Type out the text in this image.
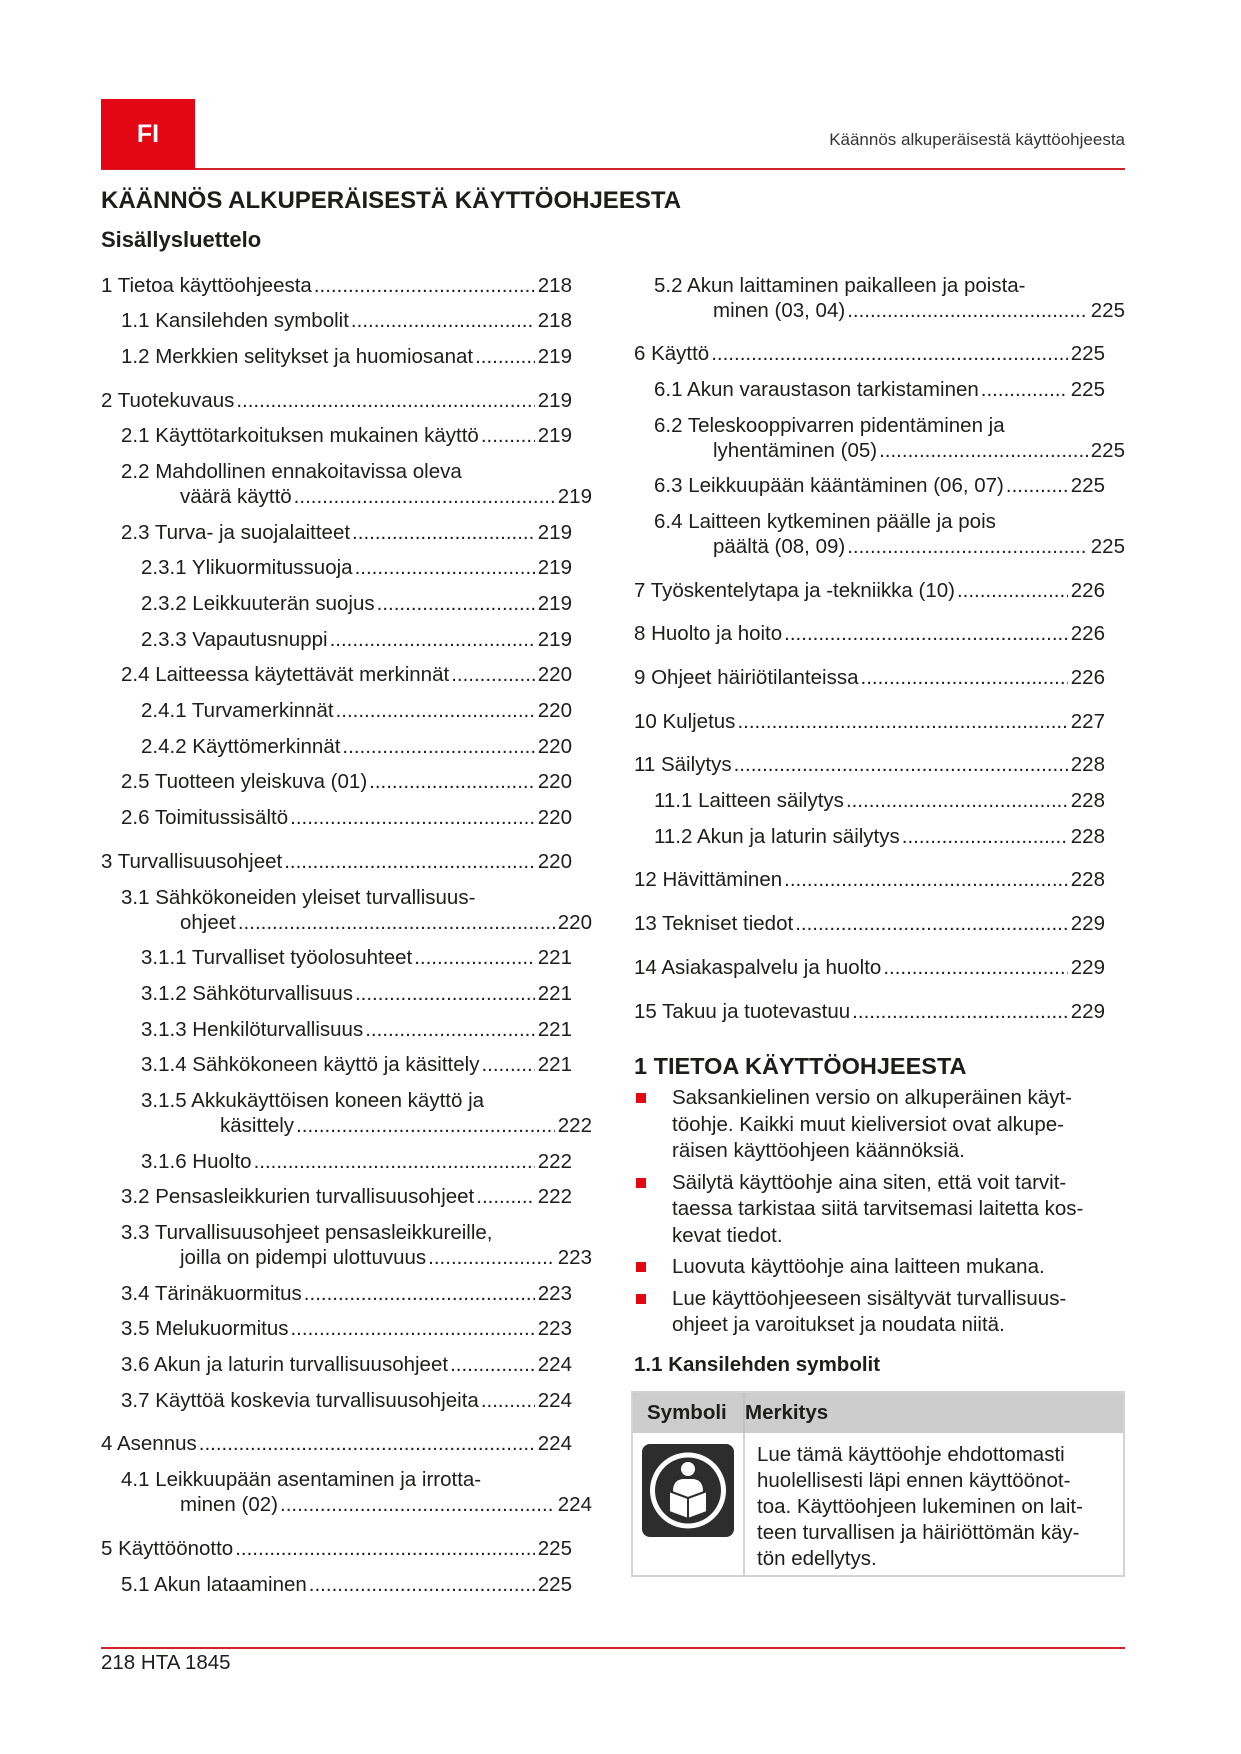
FI	Käännös alkuperäisestä käyttöohjeesta
KÄÄNNÖS ALKUPERÄISESTÄ KÄYTTÖOHJEESTA
Sisällysluettelo
1 Tietoa käyttöohjeesta .....	218
1.1 Kansilehden symbolit .....	218
1.2 Merkkien selitykset ja huomiosanat .....	219
2 Tuotekuvaus .....	219
2.1 Käyttötarkoituksen mukainen käyttö .....	219
2.2 Mahdollinen ennakoitavissa oleva
väärä käyttö .....	219
2.3 Turva- ja suojalaitteet .....	219
2.3.1 Ylikuormitussuoja .....	219
2.3.2 Leikkuuterän suojus .....	219
2.3.3 Vapautusnuppi .....	219
2.4 Laitteessa käytettävät merkinnät .....	220
2.4.1 Turvamerkinnät .....	220
2.4.2 Käyttömerkinnät .....	220
2.5 Tuotteen yleiskuva (01) .....	220
2.6 Toimitussisältö .....	220
3 Turvallisuusohjeet .....	220
3.1 Sähkökoneiden yleiset turvallisuus-
ohjeet .....	220
3.1.1 Turvalliset työolosuhteet .....	221
3.1.2 Sähköturvallisuus .....	221
3.1.3 Henkilöturvallisuus .....	221
3.1.4 Sähkökoneen käyttö ja käsittely .....	221
3.1.5 Akkukäyttöisen koneen käyttö ja
käsittely .....	222
3.1.6 Huolto .....	222
3.2 Pensasleikkurien turvallisuusohjeet .....	222
3.3 Turvallisuusohjeet pensasleikkureille,
joilla on pidempi ulottuvuus .....	223
3.4 Tärinäkuormitus .....	223
3.5 Melukuormitus .....	223
3.6 Akun ja laturin turvallisuusohjeet .....	224
3.7 Käyttöä koskevia turvallisuusohjeita .....	224
4 Asennus .....	224
4.1 Leikkuupään asentaminen ja irrotta-
minen (02) .....	224
5 Käyttöönotto .....	225
5.1 Akun lataaminen .....	225
5.2 Akun laittaminen paikalleen ja poista-
minen (03, 04) .....	225
6 Käyttö .....	225
6.1 Akun varaustason tarkistaminen .....	225
6.2 Teleskooppivarren pidentäminen ja
lyhentäminen (05) .....	225
6.3 Leikkuupään kääntäminen (06, 07) .....	225
6.4 Laitteen kytkeminen päälle ja pois
päältä (08, 09) .....	225
7 Työskentelytapa ja -tekniikka (10) .....	226
8 Huolto ja hoito .....	226
9 Ohjeet häiriötilanteissa .....	226
10 Kuljetus .....	227
11 Säilytys .....	228
11.1 Laitteen säilytys .....	228
11.2 Akun ja laturin säilytys .....	228
12 Hävittäminen .....	228
13 Tekniset tiedot .....	229
14 Asiakaspalvelu ja huolto .....	229
15 Takuu ja tuotevastuu .....	229
1 TIETOA KÄYTTÖOHJEESTA
Saksankielinen versio on alkuperäinen käyt-
töohje. Kaikki muut kieliversiot ovat alkupe-
räisen käyttöohjeen käännöksiä.
Säilytä käyttöohje aina siten, että voit tarvit-
taessa tarkistaa siitä tarvitsemasi laitetta kos-
kevat tiedot.
Luovuta käyttöohje aina laitteen mukana.
Lue käyttöohjeeseen sisältyvät turvallisuus-
ohjeet ja varoitukset ja noudata niitä.
1.1 Kansilehden symbolit
Symboli Merkitys
Lue tämä käyttöohje ehdottomasti
huolellisesti läpi ennen käyttöönot-
toa. Käyttöohjeen lukeminen on lait-
teen turvallisen ja häiriöttömän käy-
tön edellytys.
218 HTA 1845
